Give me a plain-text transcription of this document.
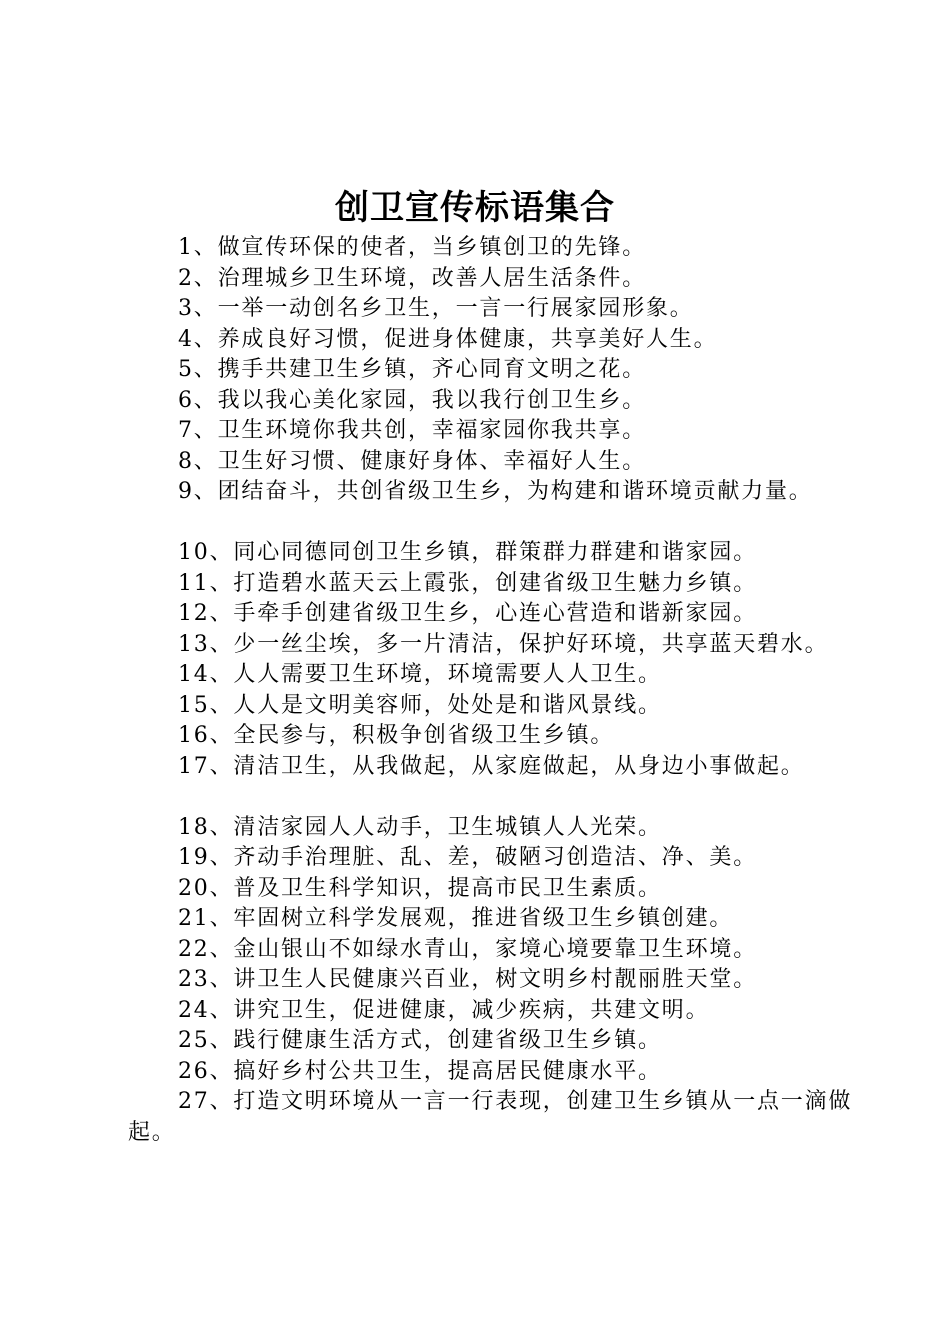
创卫宣传标语集合
1、做宣传环保的使者，当乡镇创卫的先锋。
2、治理城乡卫生环境，改善人居生活条件。
3、一举一动创名乡卫生，一言一行展家园形象。
4、养成良好习惯，促进身体健康，共享美好人生。
5、携手共建卫生乡镇，齐心同育文明之花。
6、我以我心美化家园，我以我行创卫生乡。
7、卫生环境你我共创，幸福家园你我共享。
8、卫生好习惯、健康好身体、幸福好人生。
9、团结奋斗，共创省级卫生乡，为构建和谐环境贡献力量。
10、同心同德同创卫生乡镇，群策群力群建和谐家园。
11、打造碧水蓝天云上霞张，创建省级卫生魅力乡镇。
12、手牵手创建省级卫生乡，心连心营造和谐新家园。
13、少一丝尘埃，多一片清洁，保护好环境，共享蓝天碧水。
14、人人需要卫生环境，环境需要人人卫生。
15、人人是文明美容师，处处是和谐风景线。
16、全民参与，积极争创省级卫生乡镇。
17、清洁卫生，从我做起，从家庭做起，从身边小事做起。
18、清洁家园人人动手，卫生城镇人人光荣。
19、齐动手治理脏、乱、差，破陋习创造洁、净、美。
20、普及卫生科学知识，提高市民卫生素质。
21、牢固树立科学发展观，推进省级卫生乡镇创建。
22、金山银山不如绿水青山，家境心境要靠卫生环境。
23、讲卫生人民健康兴百业，树文明乡村靓丽胜天堂。
24、讲究卫生，促进健康，减少疾病，共建文明。
25、践行健康生活方式，创建省级卫生乡镇。
26、搞好乡村公共卫生，提高居民健康水平。
27、打造文明环境从一言一行表现，创建卫生乡镇从一点一滴做起。
